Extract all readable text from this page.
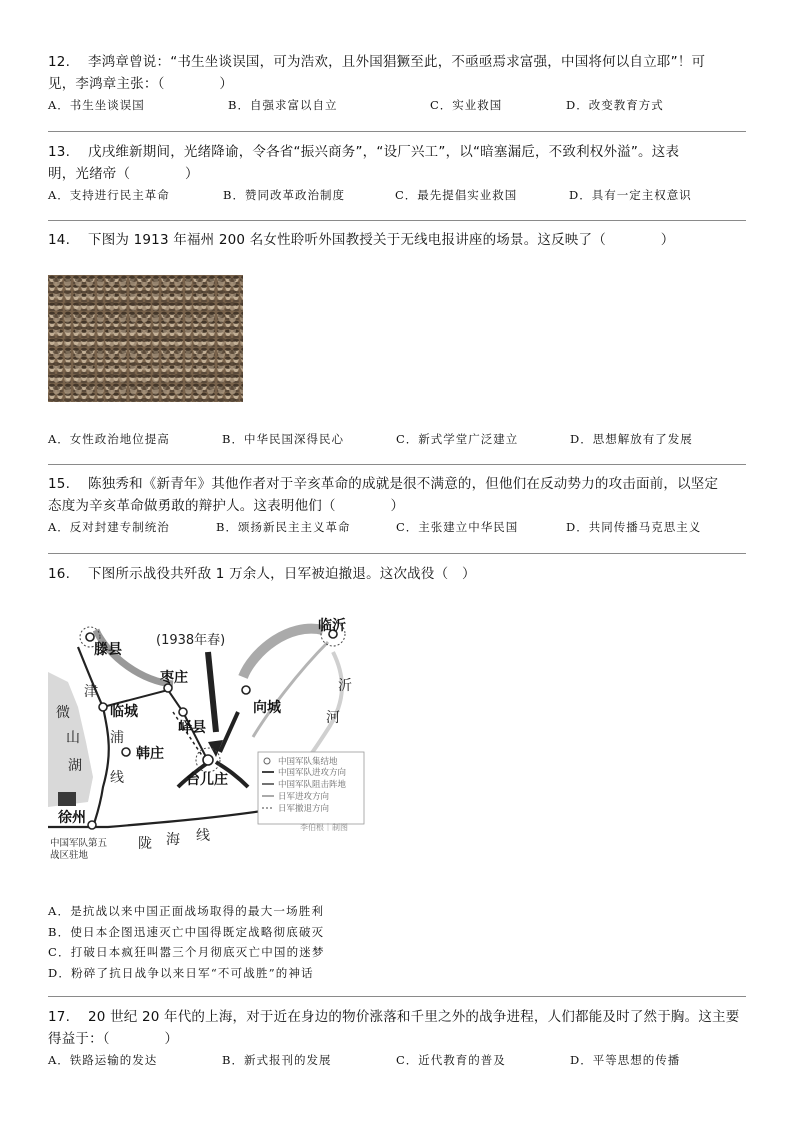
12. 李鸿章曾说：“书生坐谈误国，可为浩欢，且外国猖獗至此，不亟亟焉求富强，中国将何以自立耶”！可
见，李鸿章主张：（　　　　）
A．书生坐谈误国	B．自强求富以自立	C．实业救国	D．改变教育方式
13. 戊戌维新期间，光绪降谕，令各省“振兴商务”，“设厂兴工”，以“暗塞漏卮，不致利权外溢”。这表
明，光绪帝（　　　　）
A．支持进行民主革命	B．赞同改革政治制度	C．最先提倡实业救国	D．具有一定主权意识
14. 下图为 1913 年福州 200 名女性聆听外国教授关于无线电报讲座的场景。这反映了（　　　　）
A．女性政治地位提高	B．中华民国深得民心	C．新式学堂广泛建立	D．思想解放有了发展
15. 陈独秀和《新青年》其他作者对于辛亥革命的成就是很不满意的，但他们在反动势力的攻击面前，以坚定
态度为辛亥革命做勇敢的辩护人。这表明他们（　　　　）
A．反对封建专制统治	B．颂扬新民主主义革命	C．主张建立中华民国	D．共同传播马克思主义
16. 下图所示战役共歼敌 1 万余人，日军被迫撤退。这次战役（　）
滕县
临沂
枣庄
峄县
向城
临城
韩庄
台儿庄
徐州
津
浦
线
微
山
湖
沂
河
陇 海 线
(1938年春)
中国军队第五
战区驻地
中国军队集结地
中国军队进攻方向
中国军队阻击阵地
日军进攻方向
日军撤退方向
李伯根｜制图
A．是抗战以来中国正面战场取得的最大一场胜利
B．使日本企图迅速灭亡中国得既定战略彻底破灭
C．打破日本疯狂叫嚣三个月彻底灭亡中国的迷梦
D．粉碎了抗日战争以来日军“不可战胜”的神话
17. 20 世纪 20 年代的上海，对于近在身边的物价涨落和千里之外的战争进程，人们都能及时了然于胸。这主要
得益于：（　　　　）
A．铁路运输的发达	B．新式报刊的发展	C．近代教育的普及	D．平等思想的传播
